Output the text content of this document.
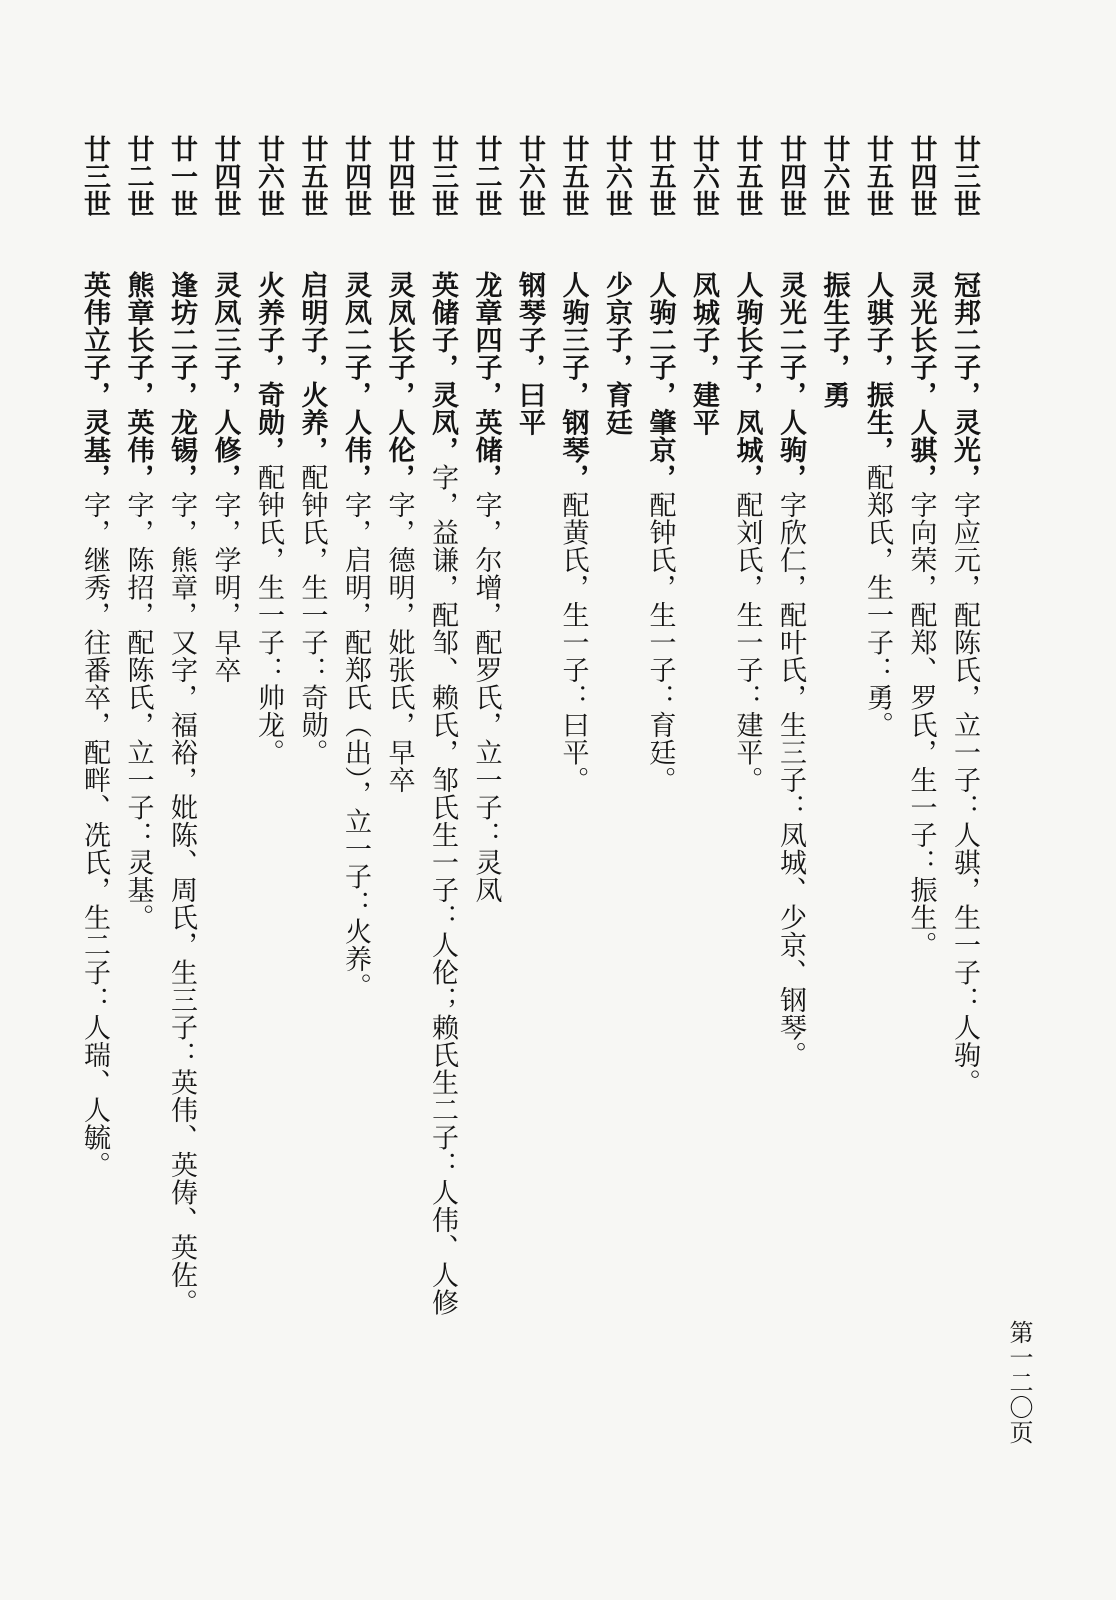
廿三世冠邦二子，灵光，字应元，配陈氏，立一子：人骐，生一子：人驹。
廿四世灵光长子，人骐，字向荣，配郑、罗氏，生一子：振生。
廿五世人骐子，振生，配郑氏，生一子：勇。
廿六世振生子，勇
廿四世灵光二子，人驹，字欣仁，配叶氏，生三子：凤城、少京、钢琴。
廿五世人驹长子，凤城，配刘氏，生一子：建平。
廿六世凤城子，建平
廿五世人驹二子，肇京，配钟氏，生一子：育廷。
廿六世少京子，育廷
廿五世人驹三子，钢琴，配黄氏，生一子：曰平。
廿六世钢琴子，曰平
廿二世龙章四子，英储，字，尔增，配罗氏，立一子：灵凤
廿三世英储子，灵凤，字，益谦，配邹、赖氏，邹氏生一子：人伦；赖氏生二子：人伟、人修
廿四世灵凤长子，人伦，字，德明，妣张氏，早卒
廿四世灵凤二子，人伟，字，启明，配郑氏（出），立一子：火养。
廿五世启明子，火养，配钟氏，生一子：奇勋。
廿六世火养子，奇勋，配钟氏，生一子：帅龙。
廿四世灵凤三子，人修，字，学明，早卒
廿一世逢坊二子，龙锡，字，熊章，又字，福裕，妣陈、周氏，生三子：英伟、英俦、英佐。
廿二世熊章长子，英伟，字，陈招，配陈氏，立一子：灵基。
廿三世英伟立子，灵基，字，继秀，往番卒，配畔、冼氏，生二子：人瑞、人毓。
第一二〇页
